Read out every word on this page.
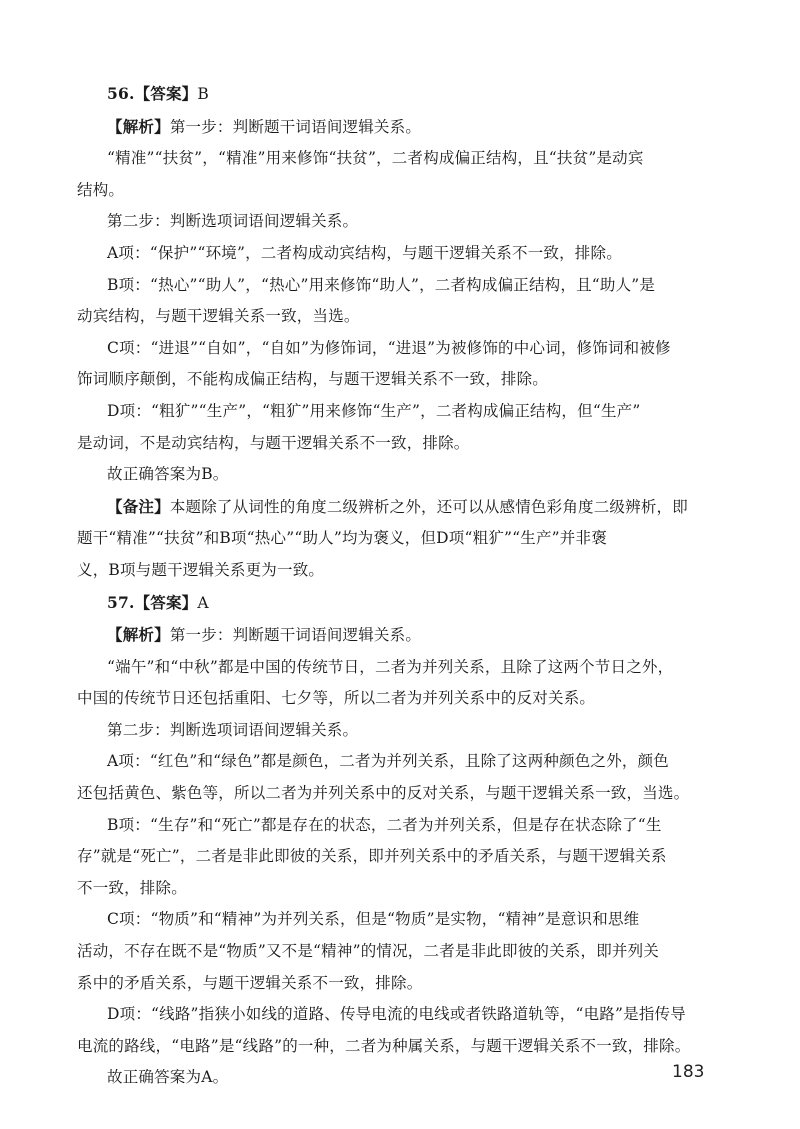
56.【答案】B
【解析】第一步：判断题干词语间逻辑关系。
“精准”“扶贫”，“精准”用来修饰“扶贫”，二者构成偏正结构，且“扶贫”是动宾
结构。
第二步：判断选项词语间逻辑关系。
A项：“保护”“环境”，二者构成动宾结构，与题干逻辑关系不一致，排除。
B项：“热心”“助人”，“热心”用来修饰“助人”，二者构成偏正结构，且“助人”是
动宾结构，与题干逻辑关系一致，当选。
C项：“进退”“自如”，“自如”为修饰词，“进退”为被修饰的中心词，修饰词和被修
饰词顺序颠倒，不能构成偏正结构，与题干逻辑关系不一致，排除。
D项：“粗犷”“生产”，“粗犷”用来修饰“生产”，二者构成偏正结构，但“生产”
是动词，不是动宾结构，与题干逻辑关系不一致，排除。
故正确答案为B。
【备注】本题除了从词性的角度二级辨析之外，还可以从感情色彩角度二级辨析，即
题干“精准”“扶贫”和B项“热心”“助人”均为褒义，但D项“粗犷”“生产”并非褒
义，B项与题干逻辑关系更为一致。
57.【答案】A
【解析】第一步：判断题干词语间逻辑关系。
“端午”和“中秋”都是中国的传统节日，二者为并列关系，且除了这两个节日之外，
中国的传统节日还包括重阳、七夕等，所以二者为并列关系中的反对关系。
第二步：判断选项词语间逻辑关系。
A项：“红色”和“绿色”都是颜色，二者为并列关系，且除了这两种颜色之外，颜色
还包括黄色、紫色等，所以二者为并列关系中的反对关系，与题干逻辑关系一致，当选。
B项：“生存”和“死亡”都是存在的状态，二者为并列关系，但是存在状态除了“生
存”就是“死亡”，二者是非此即彼的关系，即并列关系中的矛盾关系，与题干逻辑关系
不一致，排除。
C项：“物质”和“精神”为并列关系，但是“物质”是实物，“精神”是意识和思维
活动，不存在既不是“物质”又不是“精神”的情况，二者是非此即彼的关系，即并列关
系中的矛盾关系，与题干逻辑关系不一致，排除。
D项：“线路”指狭小如线的道路、传导电流的电线或者铁路道轨等，“电路”是指传导
电流的路线，“电路”是“线路”的一种，二者为种属关系，与题干逻辑关系不一致，排除。
故正确答案为A。	183
